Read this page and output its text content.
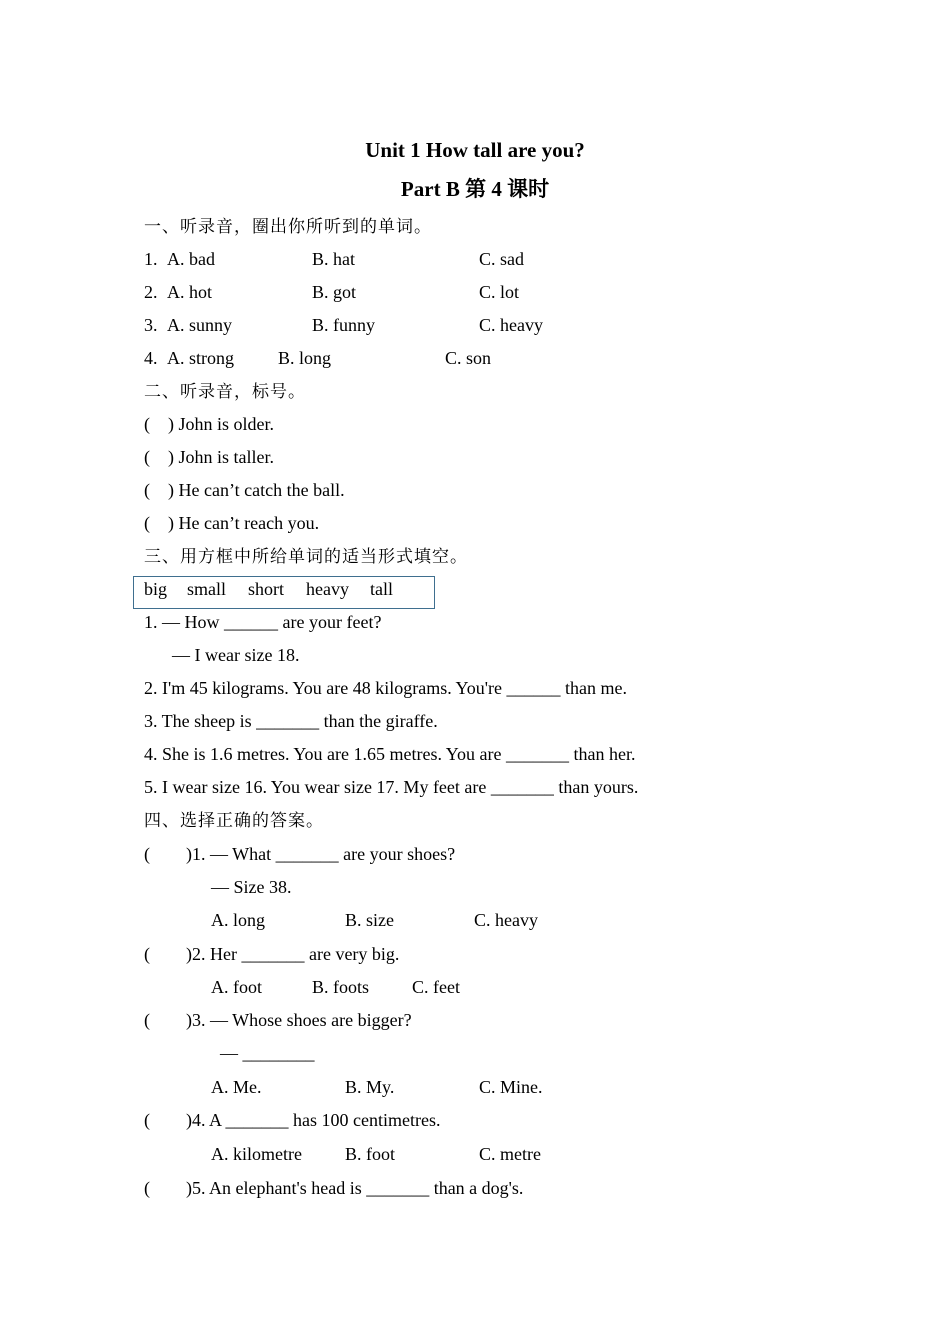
Unit 1 How tall are you?
Part B 第 4 课时
一、听录音，圈出你所听到的单词。
1. A. bad	B. hat	C. sad
2. A. hot	B. got	C. lot
3. A. sunny	B. funny	C. heavy
4. A. strong B. long	C. son
二、听录音，标号。
(    ) John is older.
(    ) John is taller.
(    ) He can’t catch the ball.
(    ) He can’t reach you.
三、用方框中所给单词的适当形式填空。
big small short heavy tall
1. — How ______ are your feet?
— I wear size 18.
2. I'm 45 kilograms. You are 48 kilograms. You're ______ than me.
3. The sheep is _______ than the giraffe.
4. She is 1.6 metres. You are 1.65 metres. You are _______ than her.
5. I wear size 16. You wear size 17. My feet are _______ than yours.
四、选择正确的答案。
(        )1. — What _______ are your shoes?
— Size 38.
A. long	B. size	C. heavy
(        )2. Her _______ are very big.
A. foot	B. foots C. feet
(        )3. — Whose shoes are bigger?
— ________
A. Me.	B. My.	C. Mine.
(        )4. A _______ has 100 centimetres.
A. kilometre B. foot	C. metre
(        )5. An elephant's head is _______ than a dog's.
